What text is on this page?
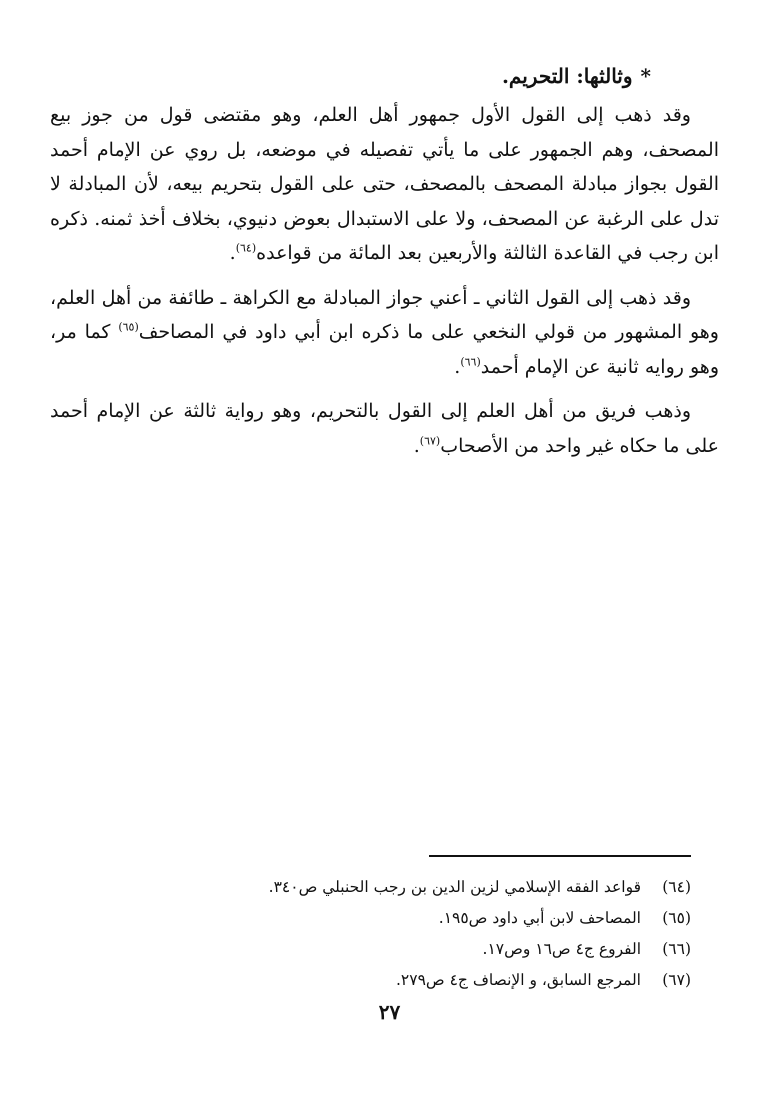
*وثالثها: التحريم.

وقد ذهب إلى القول الأول جمهور أهل العلم، وهو مقتضى قول من جوز بيع المصحف، وهم الجمهور على ما يأتي تفصيله في موضعه، بل روي عن الإمام أحمد القول بجواز مبادلة المصحف بالمصحف، حتى على القول بتحريم بيعه، لأن المبادلة لا تدل على الرغبة عن المصحف، ولا على الاستبدال بعوض دنيوي، بخلاف أخذ ثمنه. ذكره ابن رجب في القاعدة الثالثة والأربعين بعد المائة من قواعده$^{(٦٤)}$.

وقد ذهب إلى القول الثاني ـ أعني جواز المبادلة مع الكراهة ـ طائفة من أهل العلم، وهو المشهور من قولي النخعي على ما ذكره ابن أبي داود في المصاحف$^{(٦٥)}$ كما مر، وهو روايه ثانية عن الإمام أحمد$^{(٦٦)}$.

وذهب فريق من أهل العلم إلى القول بالتحريم، وهو رواية ثالثة عن الإمام أحمد على ما حكاه غير واحد من الأصحاب$^{(٦٧)}$.

(٦٤)قواعد الفقه الإسلامي لزين الدين بن رجب الحنبلي ص٣٤٠.
(٦٥)المصاحف لابن أبي داود ص١٩٥.
(٦٦)الفروع ج٤ ص١٦ وص١٧.
(٦٧)المرجع السابق، و الإنصاف ج٤ ص٢٧٩.
٢٧
